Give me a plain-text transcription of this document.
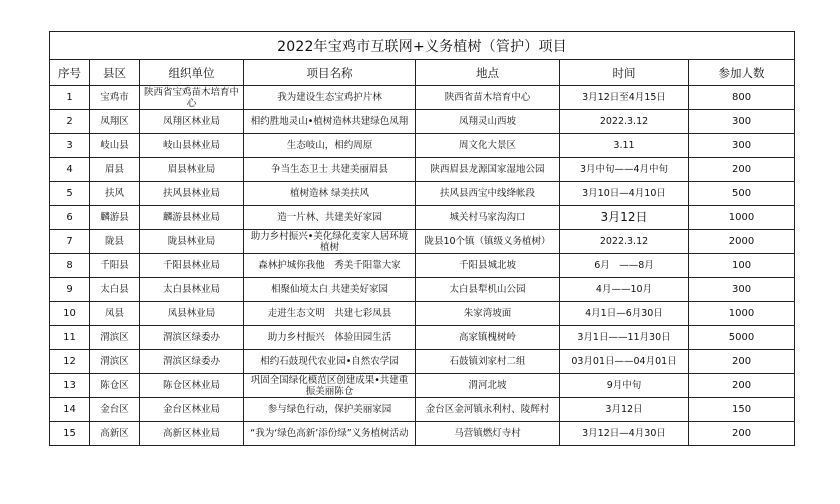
2022年宝鸡市互联网+义务植树（管护）项目						
序号	县区	组织单位	项目名称	地点	时间	参加人数
1	宝鸡市	陕西省宝鸡苗木培育中心	我为建设生态宝鸡护片林	陕西省苗木培育中心	3月12日至4月15日	800
2	凤翔区	凤翔区林业局	相约胜地灵山•植树造林共建绿色凤翔	凤翔灵山西坡	2022.3.12	300
3	岐山县	岐山县林业局	生态岐山，相约周原	周文化大景区	3.11	300
4	眉县	眉县林业局	争当生态卫士 共建美丽眉县	陕西眉县龙源国家湿地公园	3月中旬——4月中旬	200
5	扶风	扶风县林业局	植树造林 绿美扶风	扶风县西宝中线绛帐段	3月10日—4月10日	500
6	麟游县	麟游县林业局	造一片林、共建美好家园	城关村马家沟沟口	3月12日	1000
7	陇县	陇县林业局	助力乡村振兴•美化绿化麦家人居环境植树	陇县10个镇（镇级义务植树）	2022.3.12	2000
8	千阳县	千阳县林业局	森林护城你我他　秀美千阳靠大家	千阳县城北坡	6月　——8月	100
9	太白县	太白县林业局	相聚仙境太白 共建美好家园	太白县犁机山公园	4月——10月	300
10	凤县	凤县林业局	走进生态文明　共建七彩凤县	朱家湾坡面	4月1日—6月30日	1000
11	渭滨区	渭滨区绿委办	助力乡村振兴　体验田园生活	高家镇槐树岭	3月1日——11月30日	5000
12	渭滨区	渭滨区绿委办	相约石鼓现代农业园•自然农学园	石鼓镇刘家村二组	03月01日——04月01日	200
13	陈仓区	陈仓区林业局	巩固全国绿化模范区创建成果•共建重振美丽陈仓	渭河北坡	9月中旬	200
14	金台区	金台区林业局	参与绿色行动，保护美丽家园	金台区金河镇永利村、陵辉村	3月12日	150
15	高新区	高新区林业局	“我为‘绿色高新’添份绿”义务植树活动	马营镇燃灯寺村	3月12日—4月30日	200
